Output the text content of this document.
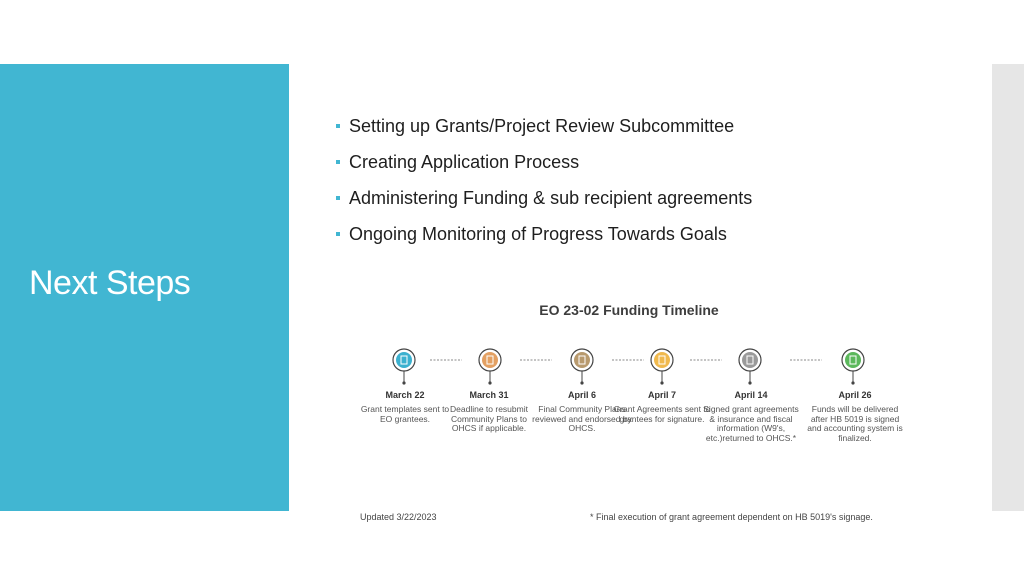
Next Steps
Setting up Grants/Project Review Subcommittee
Creating Application Process
Administering Funding & sub recipient agreements
Ongoing Monitoring of Progress Towards Goals
EO 23-02 Funding Timeline
March 22
Grant templates sent to EO grantees.
March 31
Deadline to resubmit Community Plans to OHCS if applicable.
April 6
Final Community Plans reviewed and endorsed by OHCS.
April 7
Grant Agreements sent to grantees for signature.
April 14
Signed grant agreements & insurance and fiscal information (W9's, etc.)returned to OHCS.*
April 26
Funds will be delivered after HB 5019 is signed and accounting system is finalized.
Updated 3/22/2023	* Final execution of grant agreement dependent on HB 5019's signage.
